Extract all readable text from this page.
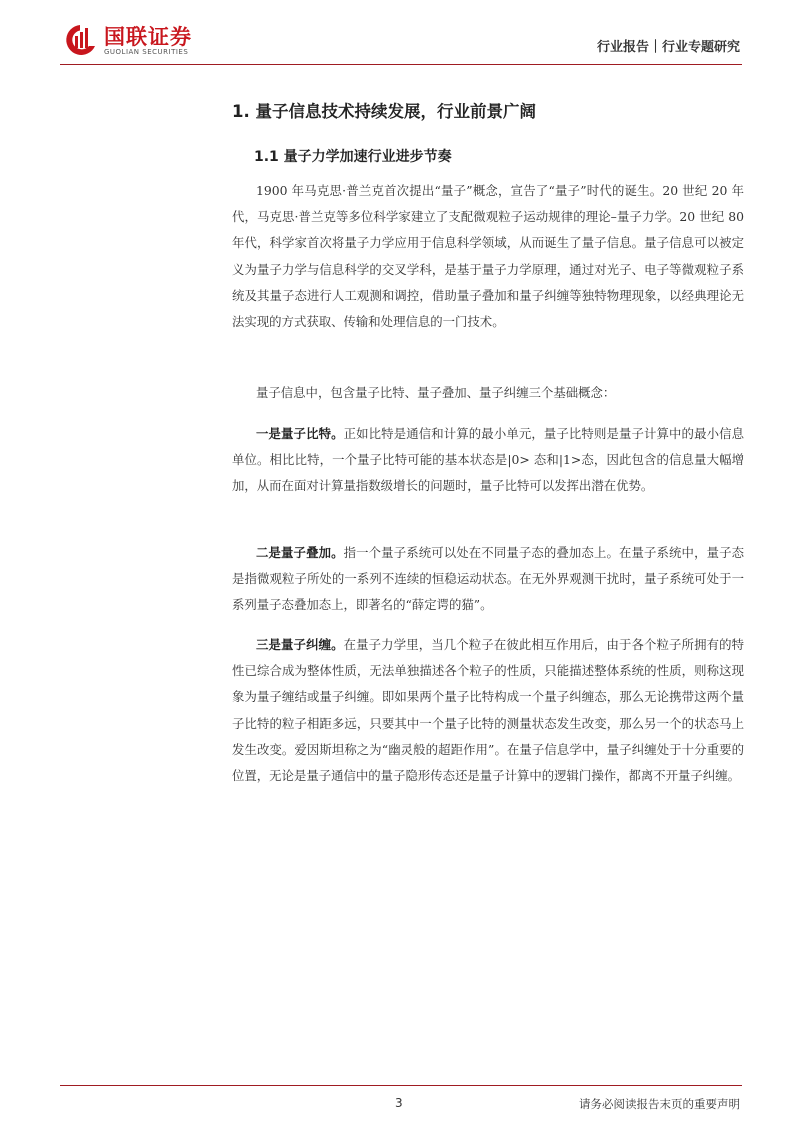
国联证券
GUOLIAN SECURITIES	行业报告｜行业专题研究
1. 量子信息技术持续发展，行业前景广阔
1.1 量子力学加速行业进步节奏
1900 年马克思·普兰克首次提出“量子”概念，宣告了“量子”时代的诞生。20 世纪 20 年代，马克思·普兰克等多位科学家建立了支配微观粒子运动规律的理论–量子力学。20 世纪 80 年代，科学家首次将量子力学应用于信息科学领域，从而诞生了量子信息。量子信息可以被定义为量子力学与信息科学的交叉学科，是基于量子力学原理，通过对光子、电子等微观粒子系统及其量子态进行人工观测和调控，借助量子叠加和量子纠缠等独特物理现象，以经典理论无法实现的方式获取、传输和处理信息的一门技术。
量子信息中，包含量子比特、量子叠加、量子纠缠三个基础概念：
一是量子比特。正如比特是通信和计算的最小单元，量子比特则是量子计算中的最小信息单位。相比比特，一个量子比特可能的基本状态是|0> 态和|1>态，因此包含的信息量大幅增加，从而在面对计算量指数级增长的问题时，量子比特可以发挥出潜在优势。
二是量子叠加。指一个量子系统可以处在不同量子态的叠加态上。在量子系统中，量子态是指微观粒子所处的一系列不连续的恒稳运动状态。在无外界观测干扰时，量子系统可处于一系列量子态叠加态上，即著名的“薛定谔的猫”。
三是量子纠缠。在量子力学里，当几个粒子在彼此相互作用后，由于各个粒子所拥有的特性已综合成为整体性质，无法单独描述各个粒子的性质，只能描述整体系统的性质，则称这现象为量子缠结或量子纠缠。即如果两个量子比特构成一个量子纠缠态，那么无论携带这两个量子比特的粒子相距多远，只要其中一个量子比特的测量状态发生改变，那么另一个的状态马上发生改变。爱因斯坦称之为“幽灵般的超距作用”。在量子信息学中，量子纠缠处于十分重要的位置，无论是量子通信中的量子隐形传态还是量子计算中的逻辑门操作，都离不开量子纠缠。
3	请务必阅读报告末页的重要声明
